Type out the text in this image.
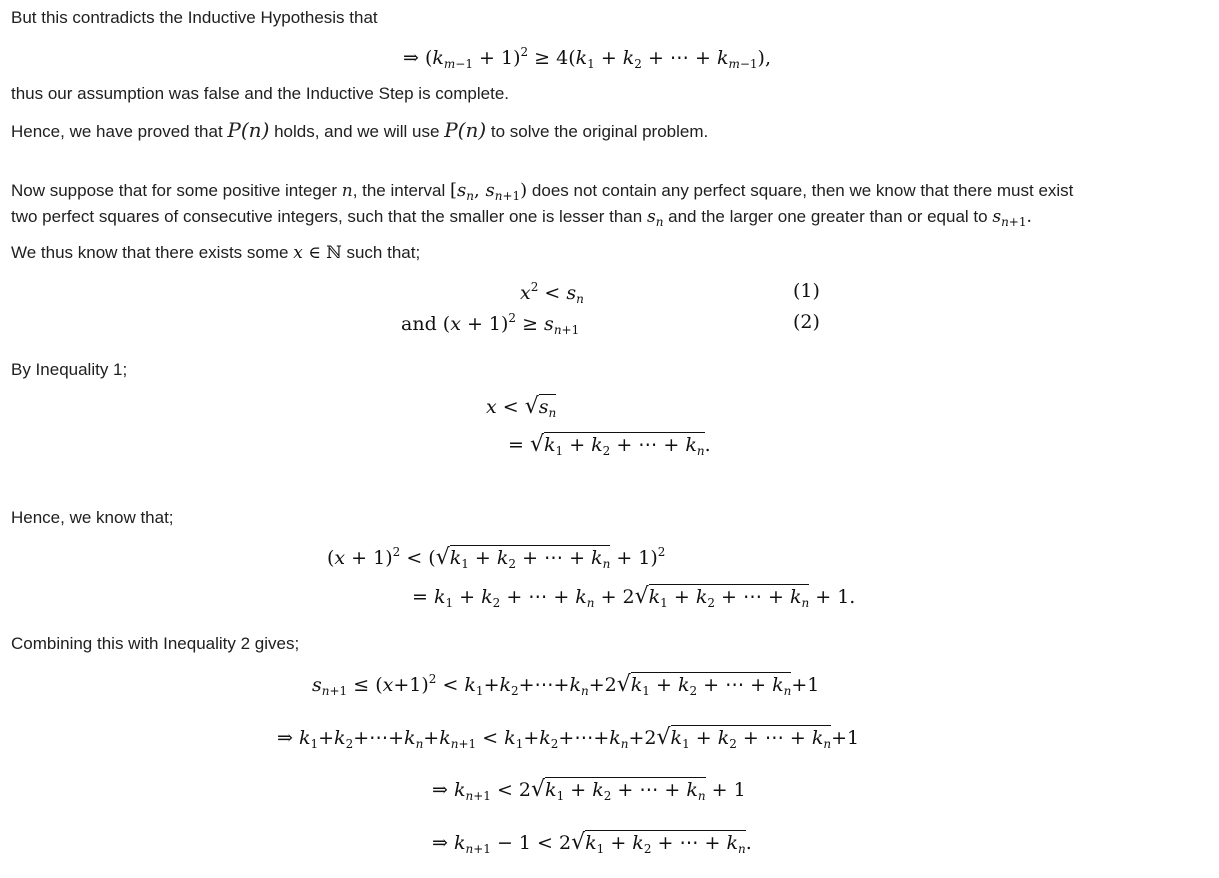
But this contradicts the Inductive Hypothesis that
⇒ $(k_{m-1} + 1)^2 \ge 4(k_1 + k_2$ + ⋯ + $k_{m-1}$),
thus our assumption was false and the Inductive Step is complete.
Hence, we have proved that P(n) holds, and we will use P(n) to solve the original problem.
Now suppose that for some positive integer n, the interval [$s_n$, $s_{n+1}$) does not contain any perfect square, then we know that there must exist
two perfect squares of consecutive integers, such that the smaller one is lesser than $s_n$ and the larger one greater than or equal to $s_{n+1}$.
We thus know that there exists some x ∈ ℕ such that;
$x^2 < s_n$	(1)
and $(x + 1)^2 \ge s_{n+1}$	(2)
By Inequality 1;
$x < √s_n$
= $√k_1 + k_2$ + ⋯ + $k_n$.
Hence, we know that;
$(x + 1)^2 < (√k_1 + k_2$ + ⋯ + $k_n + 1)^2$
= $k_1 + k_2$ + ⋯ + $k_n + 2√k_1 + k_2$ + ⋯ + $k_n + 1$.
Combining this with Inequality 2 gives;
$s_{n+1} \le (x+1)^2$ < $k_1+k_2+\cdots+k_n+2√k_1 + k_2$ + ⋯ + $k_n+1$
⇒ $k_1+k_2+\cdots+k_n+k_{n+1}$ < $k_1+k_2+\cdots+k_n+2√k_1 + k_2$ + ⋯ + $k_n+1$
⇒ $k_{n+1} < 2√k_1 + k_2$ + ⋯ + $k_n + 1$
⇒ $k_{n+1} - 1 < 2√k_1 + k_2$ + ⋯ + $k_n$.
